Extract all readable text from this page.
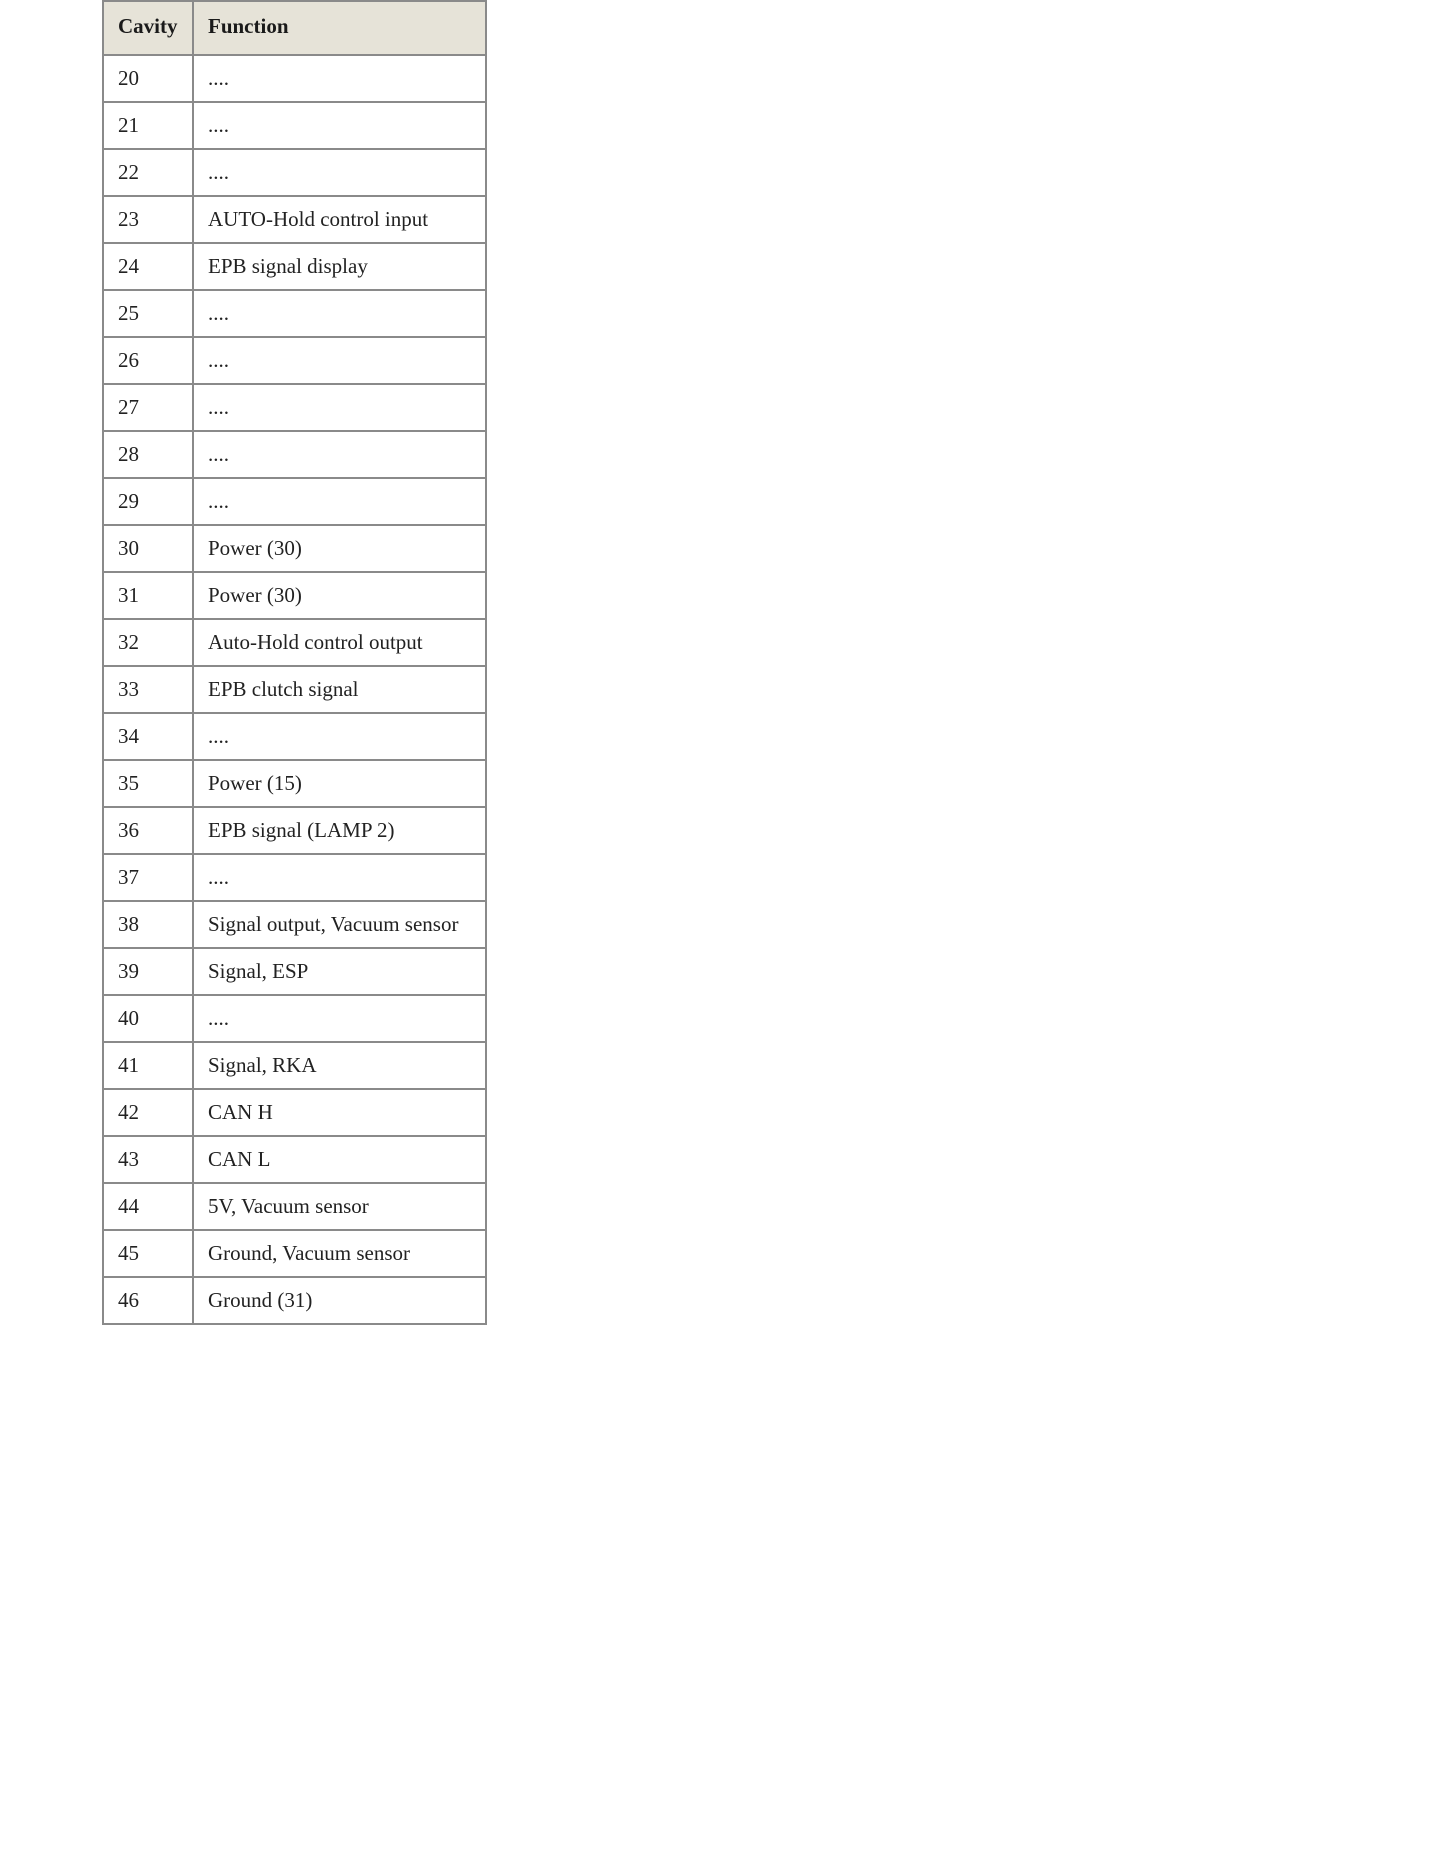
Cavity	Function
20	....
21	....
22	....
23	AUTO-Hold control input
24	EPB signal display
25	....
26	....
27	....
28	....
29	....
30	Power (30)
31	Power (30)
32	Auto-Hold control output
33	EPB clutch signal
34	....
35	Power (15)
36	EPB signal (LAMP 2)
37	....
38	Signal output, Vacuum sensor
39	Signal, ESP
40	....
41	Signal, RKA
42	CAN H
43	CAN L
44	5V, Vacuum sensor
45	Ground, Vacuum sensor
46	Ground (31)
